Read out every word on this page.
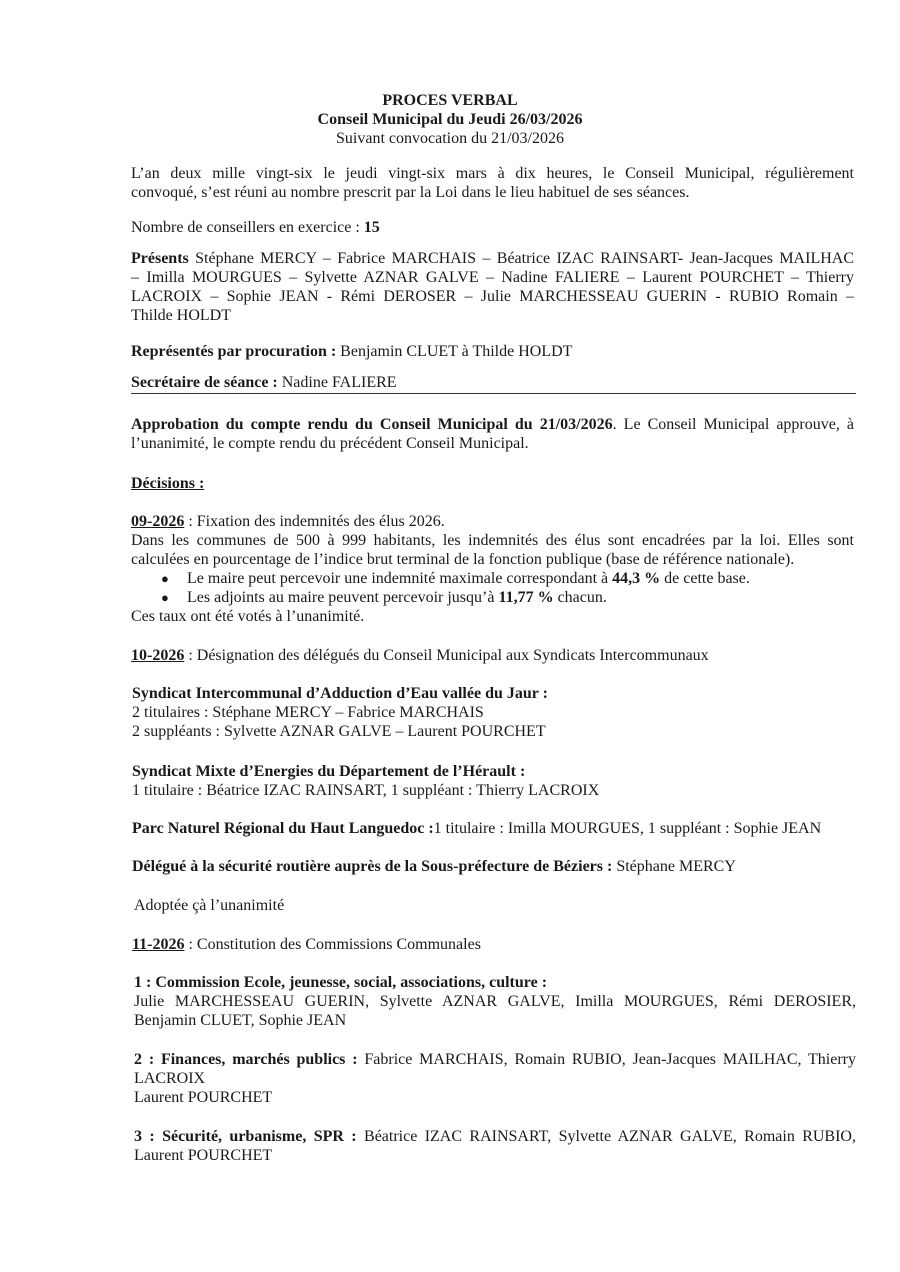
PROCES VERBAL
Conseil Municipal du Jeudi 26/03/2026
Suivant convocation du 21/03/2026
L’an deux mille vingt-six le jeudi vingt-six mars à dix heures, le Conseil Municipal, régulièrement
convoqué, s’est réuni au nombre prescrit par la Loi dans le lieu habituel de ses séances.
Nombre de conseillers en exercice : 15
Présents Stéphane MERCY – Fabrice MARCHAIS – Béatrice IZAC RAINSART- Jean-Jacques MAILHAC
– Imilla MOURGUES – Sylvette AZNAR GALVE – Nadine FALIERE – Laurent POURCHET – Thierry
LACROIX – Sophie JEAN - Rémi DEROSER – Julie MARCHESSEAU GUERIN - RUBIO Romain –
Thilde HOLDT
Représentés par procuration : Benjamin CLUET à Thilde HOLDT
Secrétaire de séance : Nadine FALIERE
Approbation du compte rendu du Conseil Municipal du 21/03/2026. Le Conseil Municipal approuve, à
l’unanimité, le compte rendu du précédent Conseil Municipal.
Décisions :
09-2026 : Fixation des indemnités des élus 2026.
Dans les communes de 500 à 999 habitants, les indemnités des élus sont encadrées par la loi. Elles sont
calculées en pourcentage de l’indice brut terminal de la fonction publique (base de référence nationale).
● Le maire peut percevoir une indemnité maximale correspondant à 44,3 % de cette base.
● Les adjoints au maire peuvent percevoir jusqu’à 11,77 % chacun.
Ces taux ont été votés à l’unanimité.
10-2026 : Désignation des délégués du Conseil Municipal aux Syndicats Intercommunaux
Syndicat Intercommunal d’Adduction d’Eau vallée du Jaur :
2 titulaires : Stéphane MERCY – Fabrice MARCHAIS
2 suppléants : Sylvette AZNAR GALVE – Laurent POURCHET
Syndicat Mixte d’Energies du Département de l’Hérault :
1 titulaire : Béatrice IZAC RAINSART, 1 suppléant : Thierry LACROIX
Parc Naturel Régional du Haut Languedoc :1 titulaire : Imilla MOURGUES, 1 suppléant : Sophie JEAN
Délégué à la sécurité routière auprès de la Sous-préfecture de Béziers : Stéphane MERCY
Adoptée çà l’unanimité
11-2026 : Constitution des Commissions Communales
1 : Commission Ecole, jeunesse, social, associations, culture :
Julie MARCHESSEAU GUERIN, Sylvette AZNAR GALVE, Imilla MOURGUES, Rémi DEROSIER,
Benjamin CLUET, Sophie JEAN
2 : Finances, marchés publics : Fabrice MARCHAIS, Romain RUBIO, Jean-Jacques MAILHAC, Thierry
LACROIX
Laurent POURCHET
3 : Sécurité, urbanisme, SPR : Béatrice IZAC RAINSART, Sylvette AZNAR GALVE, Romain RUBIO,
Laurent POURCHET
